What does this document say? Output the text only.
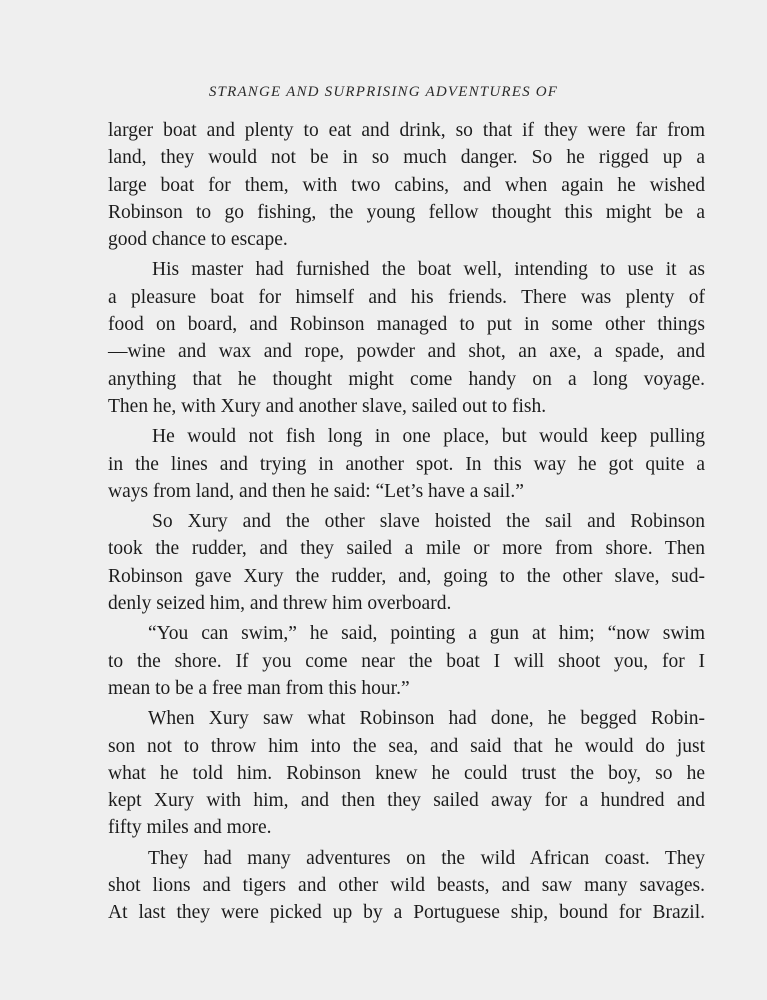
STRANGE AND SURPRISING ADVENTURES OF
larger boat and plenty to eat and drink, so that if they were far from
land, they would not be in so much danger. So he rigged up a
large boat for them, with two cabins, and when again he wished
Robinson to go fishing, the young fellow thought this might be a
good chance to escape.
His master had furnished the boat well, intending to use it as
a pleasure boat for himself and his friends. There was plenty of
food on board, and Robinson managed to put in some other things
—wine and wax and rope, powder and shot, an axe, a spade, and
anything that he thought might come handy on a long voyage.
Then he, with Xury and another slave, sailed out to fish.
He would not fish long in one place, but would keep pulling
in the lines and trying in another spot. In this way he got quite a
ways from land, and then he said: “Let’s have a sail.”
So Xury and the other slave hoisted the sail and Robinson
took the rudder, and they sailed a mile or more from shore. Then
Robinson gave Xury the rudder, and, going to the other slave, sud-
denly seized him, and threw him overboard.
“You can swim,” he said, pointing a gun at him; “now swim
to the shore. If you come near the boat I will shoot you, for I
mean to be a free man from this hour.”
When Xury saw what Robinson had done, he begged Robin-
son not to throw him into the sea, and said that he would do just
what he told him. Robinson knew he could trust the boy, so he
kept Xury with him, and then they sailed away for a hundred and
fifty miles and more.
They had many adventures on the wild African coast. They
shot lions and tigers and other wild beasts, and saw many savages.
At last they were picked up by a Portuguese ship, bound for Brazil.
